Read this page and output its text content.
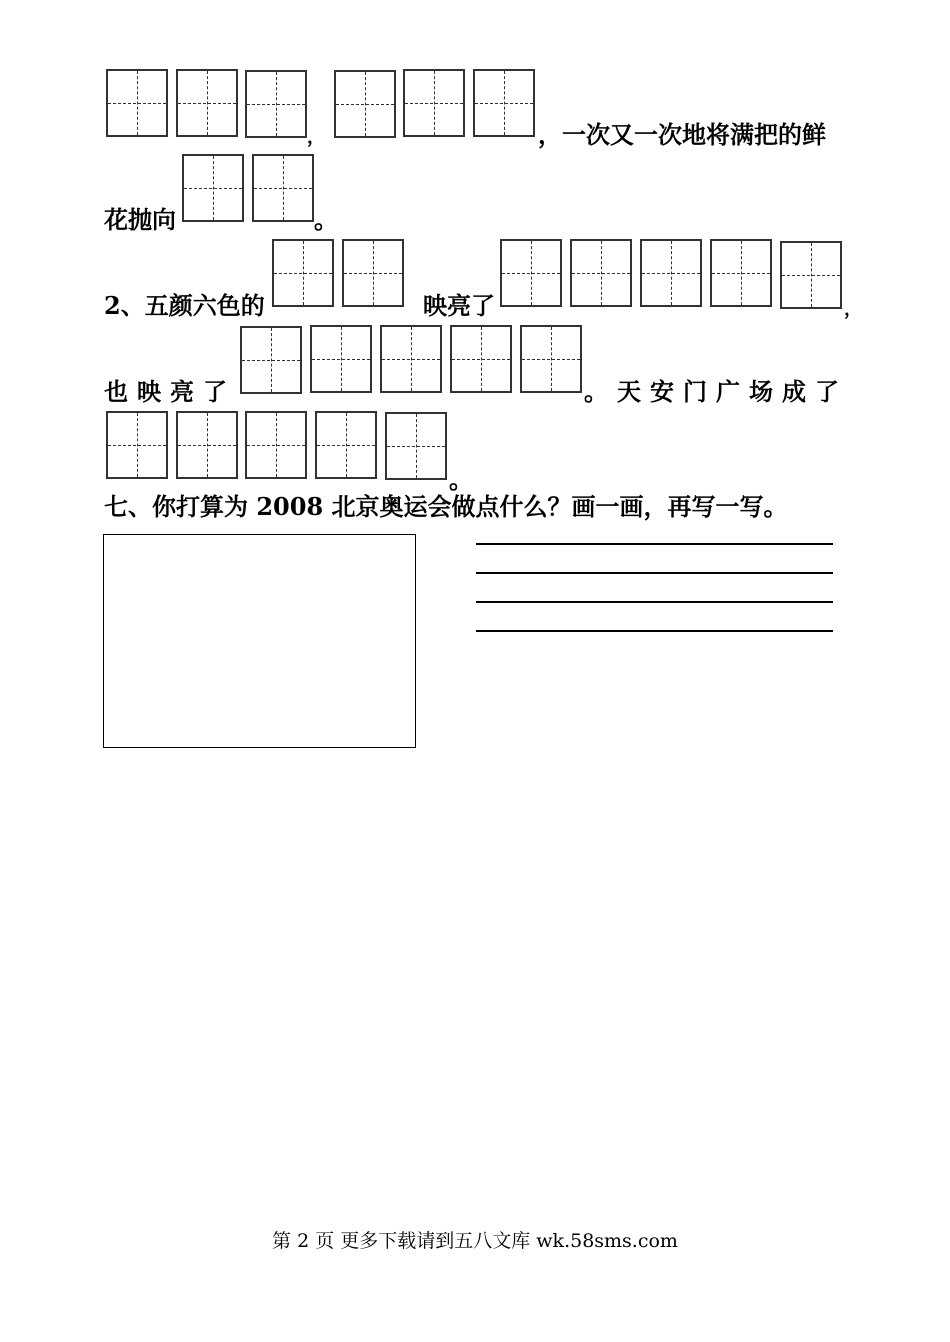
，	，一次又一次地将满把的鲜
花抛向	。
2、五颜六色的	映亮了	，
也映亮了	。天安门广场成了
。
七、你打算为 2008 北京奥运会做点什么？画一画，再写一写。
第 2 页 更多下载请到五八文库 wk.58sms.com
